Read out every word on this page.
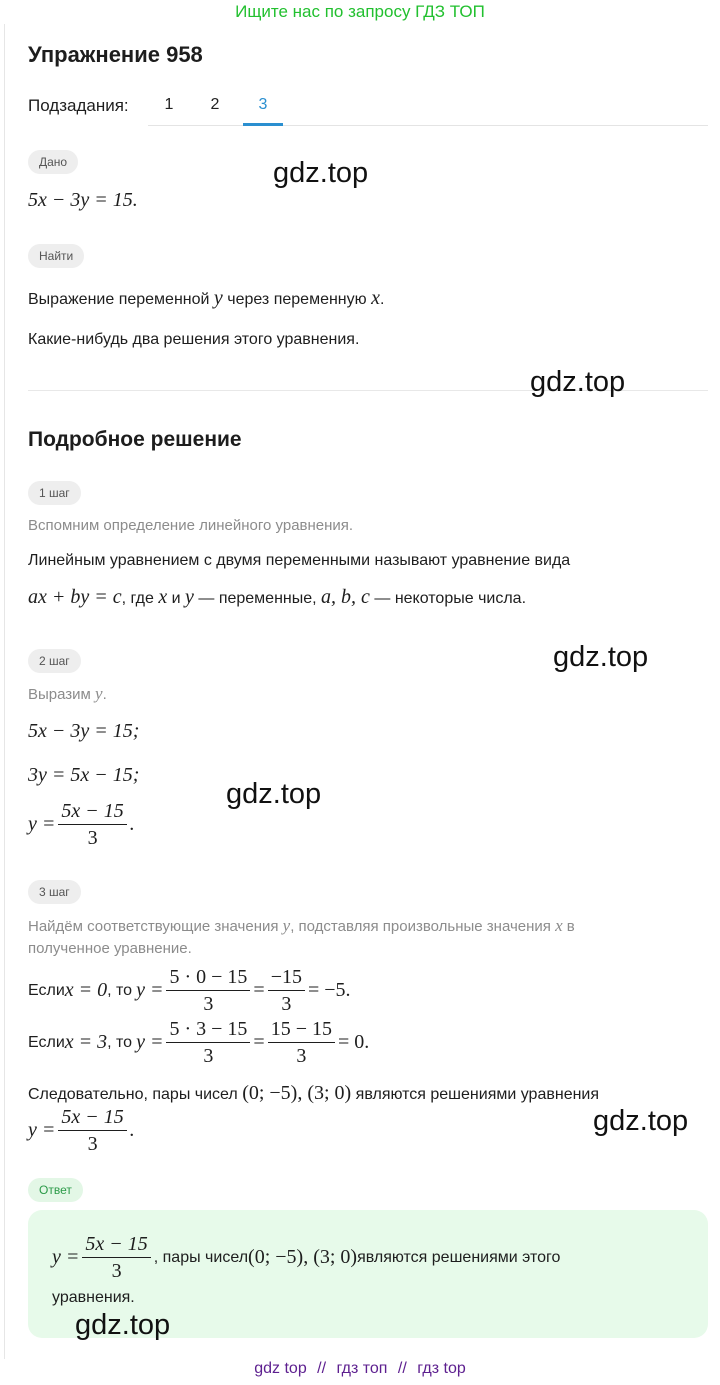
Ищите нас по запросу ГДЗ ТОП
Упражнение 958
Подзадания:	1	2	3
Дано
5x − 3y = 15.
Найти
Выражение переменной y через переменную x.
Какие-нибудь два решения этого уравнения.
Подробное решение
1 шаг
Вспомним определение линейного уравнения.
Линейным уравнением с двумя переменными называют уравнение вида
ax + by = c, где x и y — переменные, a, b, c — некоторые числа.
2 шаг
Выразим y.
5x − 3y = 15;
3y = 5x − 15;
$y = \frac{5x - 15}{3}$ .
3 шаг
Найдём соответствующие значения y, подставляя произвольные значения x в
полученное уравнение.
Если x = 0 , то $y = \frac{5 \cdot 0 - 15}{3} = \frac{-15}{3} = -5$.
Если x = 3 , то $y = \frac{5 \cdot 3 - 15}{3} = \frac{15 - 15}{3} = 0$.
Следовательно, пары чисел (0; −5), (3; 0) являются решениями уравнения
$y = \frac{5x - 15}{3}$ .
Ответ
$y = \frac{5x - 15}{3}$ , пары чисел (0; −5), (3; 0) являются решениями этого
уравнения.
gdz.top
gdz.top
gdz.top
gdz.top
gdz.top
gdz.top
gdz top // гдз топ // гдз top
